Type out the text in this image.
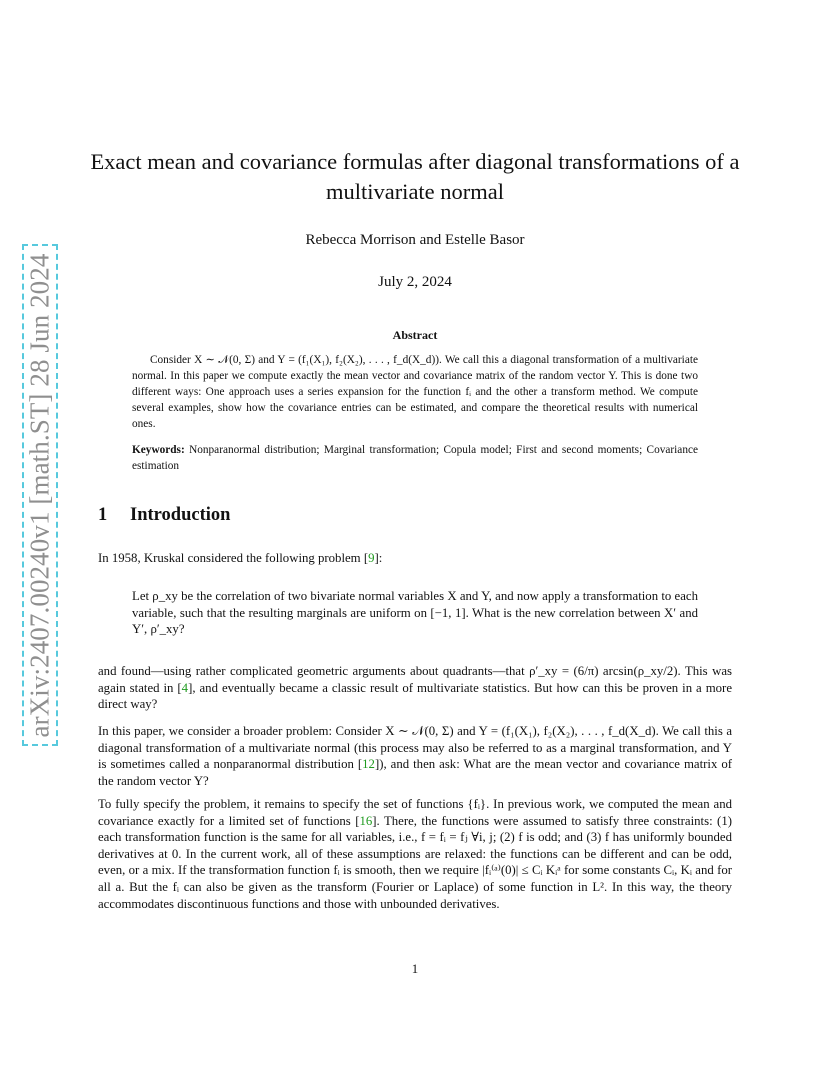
arXiv:2407.00240v1 [math.ST] 28 Jun 2024
Exact mean and covariance formulas after diagonal transformations of a multivariate normal
Rebecca Morrison and Estelle Basor
July 2, 2024
Abstract

Consider X ∼ 𝒩(0, Σ) and Y = (f₁(X₁), f₂(X₂), . . . , f_d(X_d)). We call this a diagonal transformation of a multivariate normal. In this paper we compute exactly the mean vector and covariance matrix of the random vector Y. This is done two different ways: One approach uses a series expansion for the function fᵢ and the other a transform method. We compute several examples, show how the covariance entries can be estimated, and compare the theoretical results with numerical ones.

Keywords: Nonparanormal distribution; Marginal transformation; Copula model; First and second moments; Covariance estimation

1 Introduction

In 1958, Kruskal considered the following problem [ 9 ] :

Let ρ_xy be the correlation of two bivariate normal variables X and Y, and now apply a transformation to each variable, such that the resulting marginals are uniform on [−1, 1]. What is the new correlation between X′ and Y′, ρ′_xy?

and found—using rather complicated geometric arguments about quadrants—that ρ′_xy = (6/π) arcsin(ρ_xy/2). This was again stated in [ 4 ] , and eventually became a classic result of multivariate statistics. But how can this be proven in a more direct way?

In this paper, we consider a broader problem: Consider X ∼ 𝒩(0, Σ) and Y = (f₁(X₁), f₂(X₂), . . . , f_d(X_d). We call this a diagonal transformation of a multivariate normal (this process may also be referred to as a marginal transformation, and Y is sometimes called a nonparanormal distribution [ 12 ] ), and then ask: What are the mean vector and covariance matrix of the random vector Y?

To fully specify the problem, it remains to specify the set of functions {fᵢ}. In previous work, we computed the mean and covariance exactly for a limited set of functions [ 16 ] . There, the functions were assumed to satisfy three constraints: (1) each transformation function is the same for all variables, i.e., f = fᵢ = fⱼ ∀i, j; (2) f is odd; and (3) f has uniformly bounded derivatives at 0. In the current work, all of these assumptions are relaxed: the functions can be different and can be odd, even, or a mix. If the transformation function fᵢ is smooth, then we require |fᵢ⁽ᵃ⁾(0)| ≤ Cᵢ Kᵢᵃ for some constants Cᵢ, Kᵢ and for all a. But the fᵢ can also be given as the transform (Fourier or Laplace) of some function in L². In this way, the theory accommodates discontinuous functions and those with unbounded derivatives.

1
